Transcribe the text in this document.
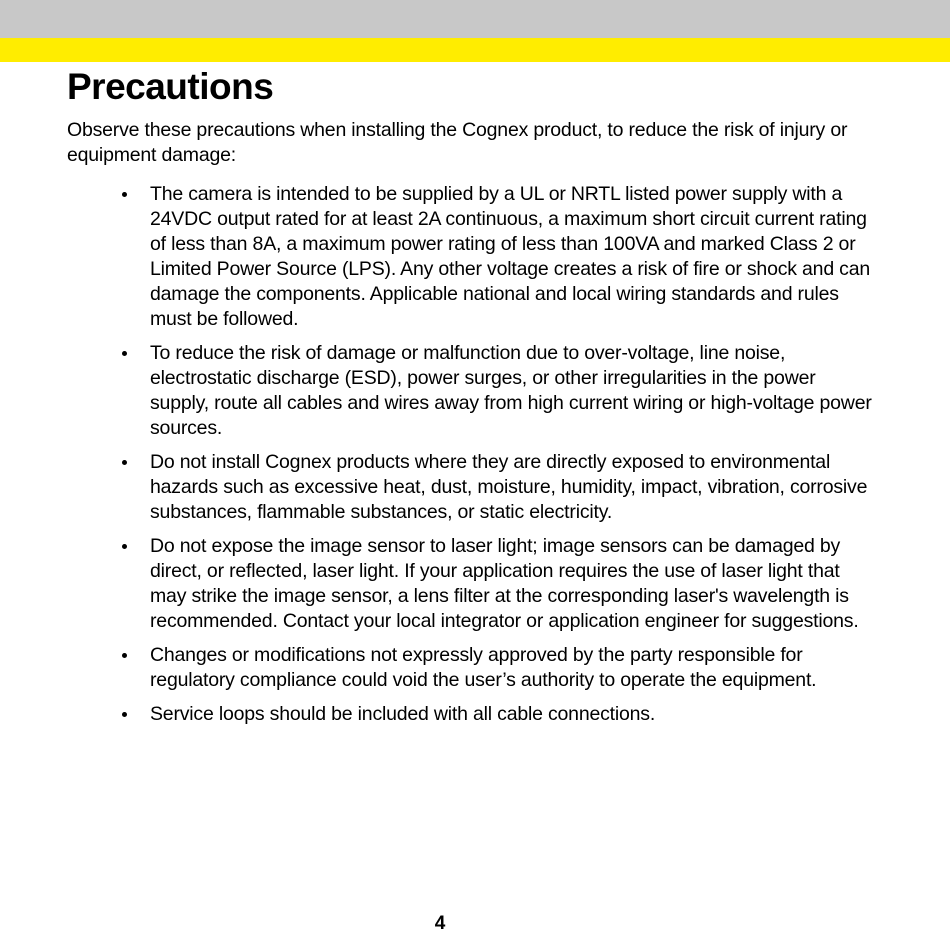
Precautions

Observe these precautions when installing the Cognex product, to reduce the risk of injury or equipment damage:

The camera is intended to be supplied by a UL or NRTL listed power supply with a 24VDC output rated for at least 2A continuous, a maximum short circuit current rating of less than 8A, a maximum power rating of less than 100VA and marked Class 2 or Limited Power Source (LPS). Any other voltage creates a risk of fire or shock and can damage the components. Applicable national and local wiring standards and rules must be followed.
To reduce the risk of damage or malfunction due to over-voltage, line noise, electrostatic discharge (ESD), power surges, or other irregularities in the power supply, route all cables and wires away from high current wiring or high-voltage power sources.
Do not install Cognex products where they are directly exposed to environmental hazards such as excessive heat, dust, moisture, humidity, impact, vibration, corrosive substances, flammable substances, or static electricity.
Do not expose the image sensor to laser light; image sensors can be damaged by direct, or reflected, laser light. If your application requires the use of laser light that may strike the image sensor, a lens filter at the corresponding laser's wavelength is recommended. Contact your local integrator or application engineer for suggestions.
Changes or modifications not expressly approved by the party responsible for regulatory compliance could void the user’s authority to operate the equipment.
Service loops should be included with all cable connections.
4
